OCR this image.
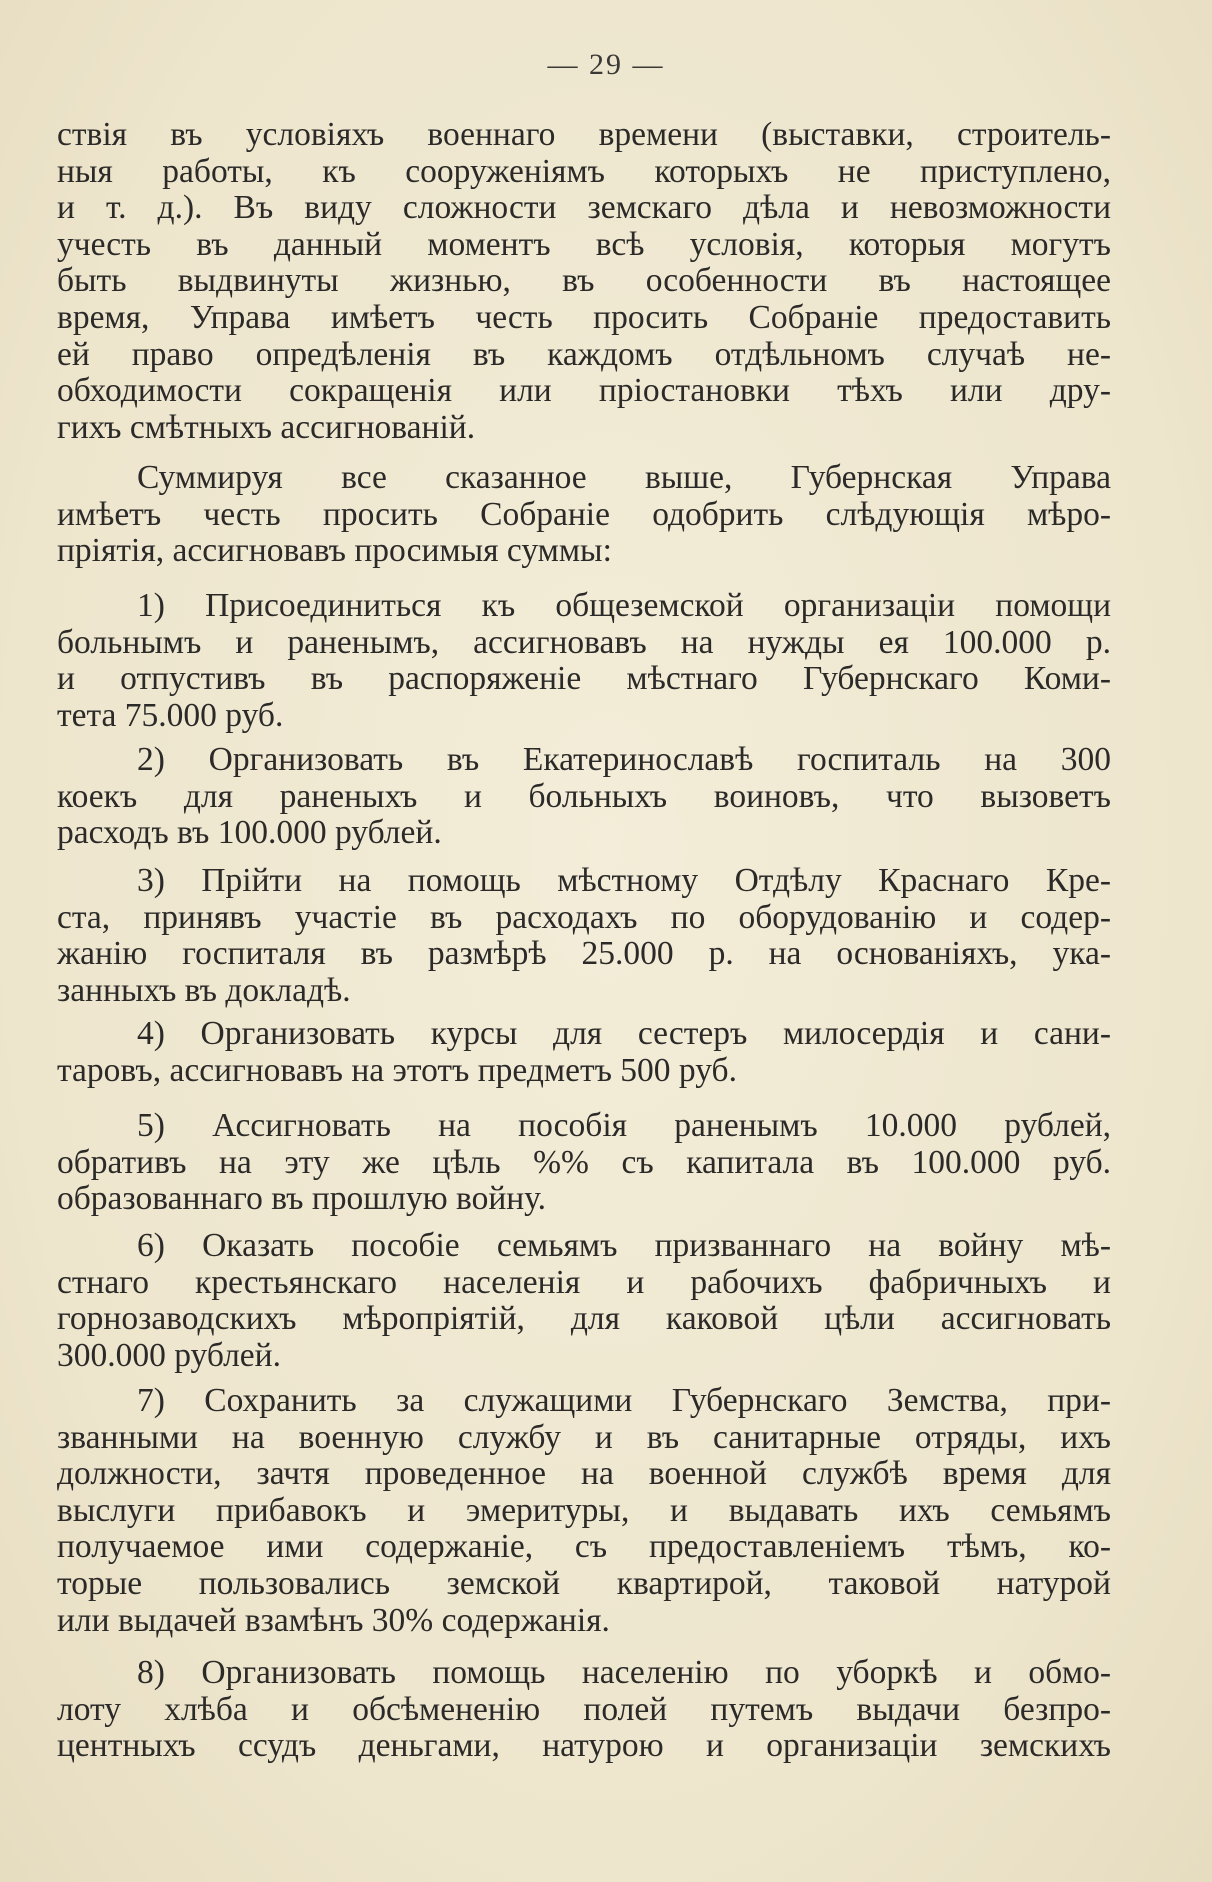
— 29 —
ствія въ условіяхъ военнаго времени (выставки, строитель-
ныя работы, къ сооруженіямъ которыхъ не приступлено,
и т. д.). Въ виду сложности земскаго дѣла и невозможности
учесть въ данный моментъ всѣ условія, которыя могутъ
быть выдвинуты жизнью, въ особенности въ настоящее
время, Управа имѣетъ честь просить Собраніе предоставить
ей право опредѣленія въ каждомъ отдѣльномъ случаѣ не-
обходимости сокращенія или пріостановки тѣхъ или дру-
гихъ смѣтныхъ ассигнованій.
Суммируя все сказанное выше, Губернская Управа
имѣетъ честь просить Собраніе одобрить слѣдующія мѣро-
пріятія, ассигновавъ просимыя суммы:
1) Присоединиться къ общеземской организаціи помощи
больнымъ и раненымъ, ассигновавъ на нужды ея 100.000 р.
и отпустивъ въ распоряженіе мѣстнаго Губернскаго Коми-
тета 75.000 руб.
2) Организовать въ Екатеринославѣ госпиталь на 300
коекъ для раненыхъ и больныхъ воиновъ, что вызоветъ
расходъ въ 100.000 рублей.
3) Прійти на помощь мѣстному Отдѣлу Краснаго Кре-
ста, принявъ участіе въ расходахъ по оборудованію и содер-
жанію госпиталя въ размѣрѣ 25.000 р. на основаніяхъ, ука-
занныхъ въ докладѣ.
4) Организовать курсы для сестеръ милосердія и сани-
таровъ, ассигновавъ на этотъ предметъ 500 руб.
5) Ассигновать на пособія раненымъ 10.000 рублей,
обративъ на эту же цѣль %% съ капитала въ 100.000 руб.
образованнаго въ прошлую войну.
6) Оказать пособіе семьямъ призваннаго на войну мѣ-
стнаго крестьянскаго населенія и рабочихъ фабричныхъ и
горнозаводскихъ мѣропріятій, для каковой цѣли ассигновать
300.000 рублей.
7) Сохранить за служащими Губернскаго Земства, при-
званными на военную службу и въ санитарные отряды, ихъ
должности, зачтя проведенное на военной службѣ время для
выслуги прибавокъ и эмеритуры, и выдавать ихъ семьямъ
получаемое ими содержаніе, съ предоставленіемъ тѣмъ, ко-
торые пользовались земской квартирой, таковой натурой
или выдачей взамѣнъ 30% содержанія.
8) Организовать помощь населенію по уборкѣ и обмо-
лоту хлѣба и обсѣмененію полей путемъ выдачи безпро-
центныхъ ссудъ деньгами, натурою и организаціи земскихъ
